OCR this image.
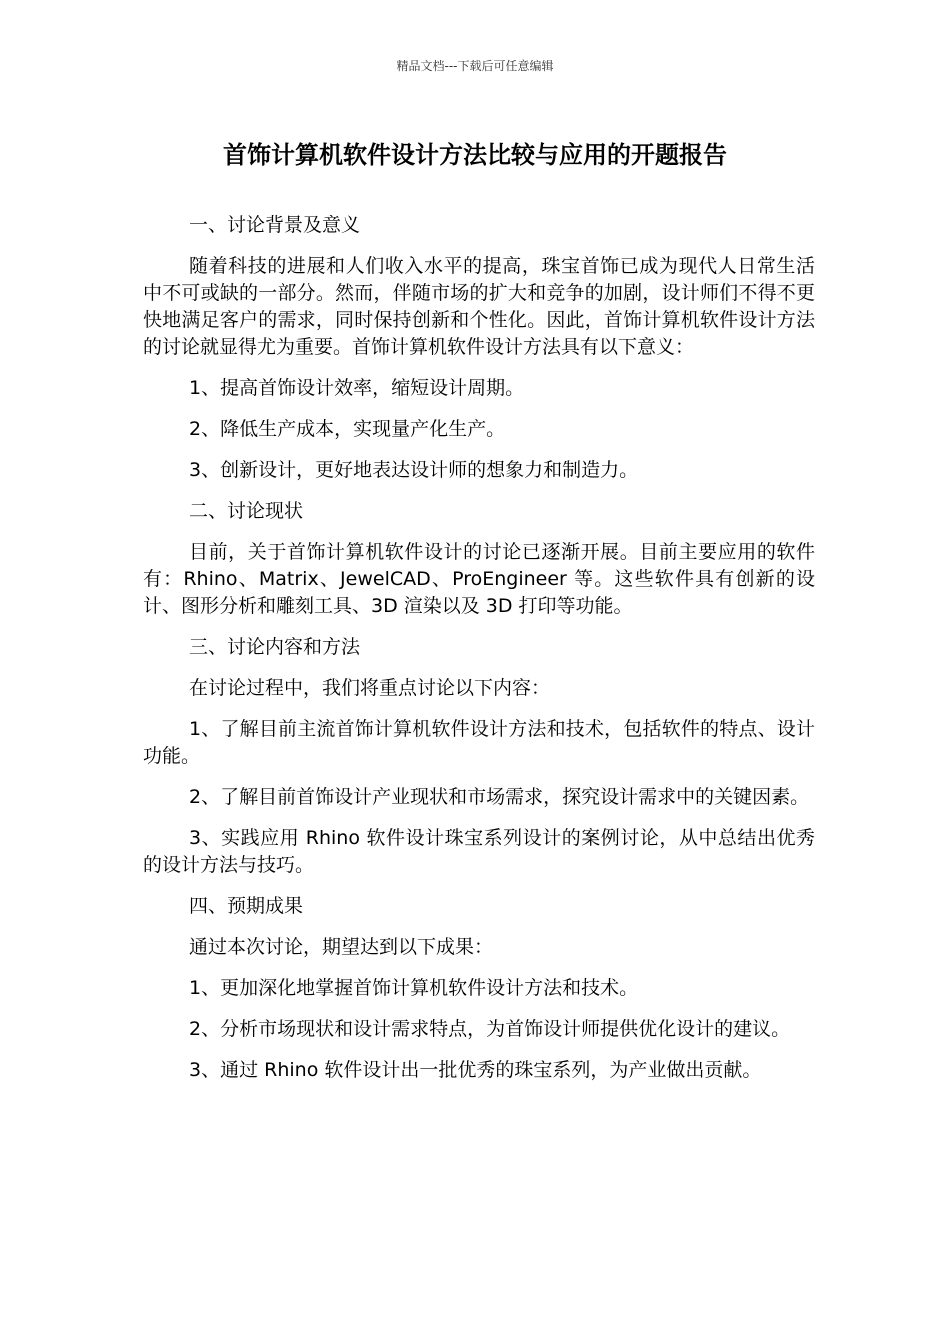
精品文档---下载后可任意编辑
首饰计算机软件设计方法比较与应用的开题报告

一、讨论背景及意义

随着科技的进展和人们收入水平的提高，珠宝首饰已成为现代人日常生活中不可或缺的一部分。然而，伴随市场的扩大和竞争的加剧，设计师们不得不更快地满足客户的需求，同时保持创新和个性化。因此，首饰计算机软件设计方法的讨论就显得尤为重要。首饰计算机软件设计方法具有以下意义：

1、提高首饰设计效率，缩短设计周期。

2、降低生产成本，实现量产化生产。

3、创新设计，更好地表达设计师的想象力和制造力。

二、讨论现状

目前，关于首饰计算机软件设计的讨论已逐渐开展。目前主要应用的软件有：Rhino、Matrix、JewelCAD、ProEngineer 等。这些软件具有创新的设计、图形分析和雕刻工具、3D 渲染以及 3D 打印等功能。

三、讨论内容和方法

在讨论过程中，我们将重点讨论以下内容：

1、了解目前主流首饰计算机软件设计方法和技术，包括软件的特点、设计功能。

2、了解目前首饰设计产业现状和市场需求，探究设计需求中的关键因素。

3、实践应用 Rhino 软件设计珠宝系列设计的案例讨论，从中总结出优秀的设计方法与技巧。

四、预期成果

通过本次讨论，期望达到以下成果：

1、更加深化地掌握首饰计算机软件设计方法和技术。

2、分析市场现状和设计需求特点，为首饰设计师提供优化设计的建议。

3、通过 Rhino 软件设计出一批优秀的珠宝系列，为产业做出贡献。
